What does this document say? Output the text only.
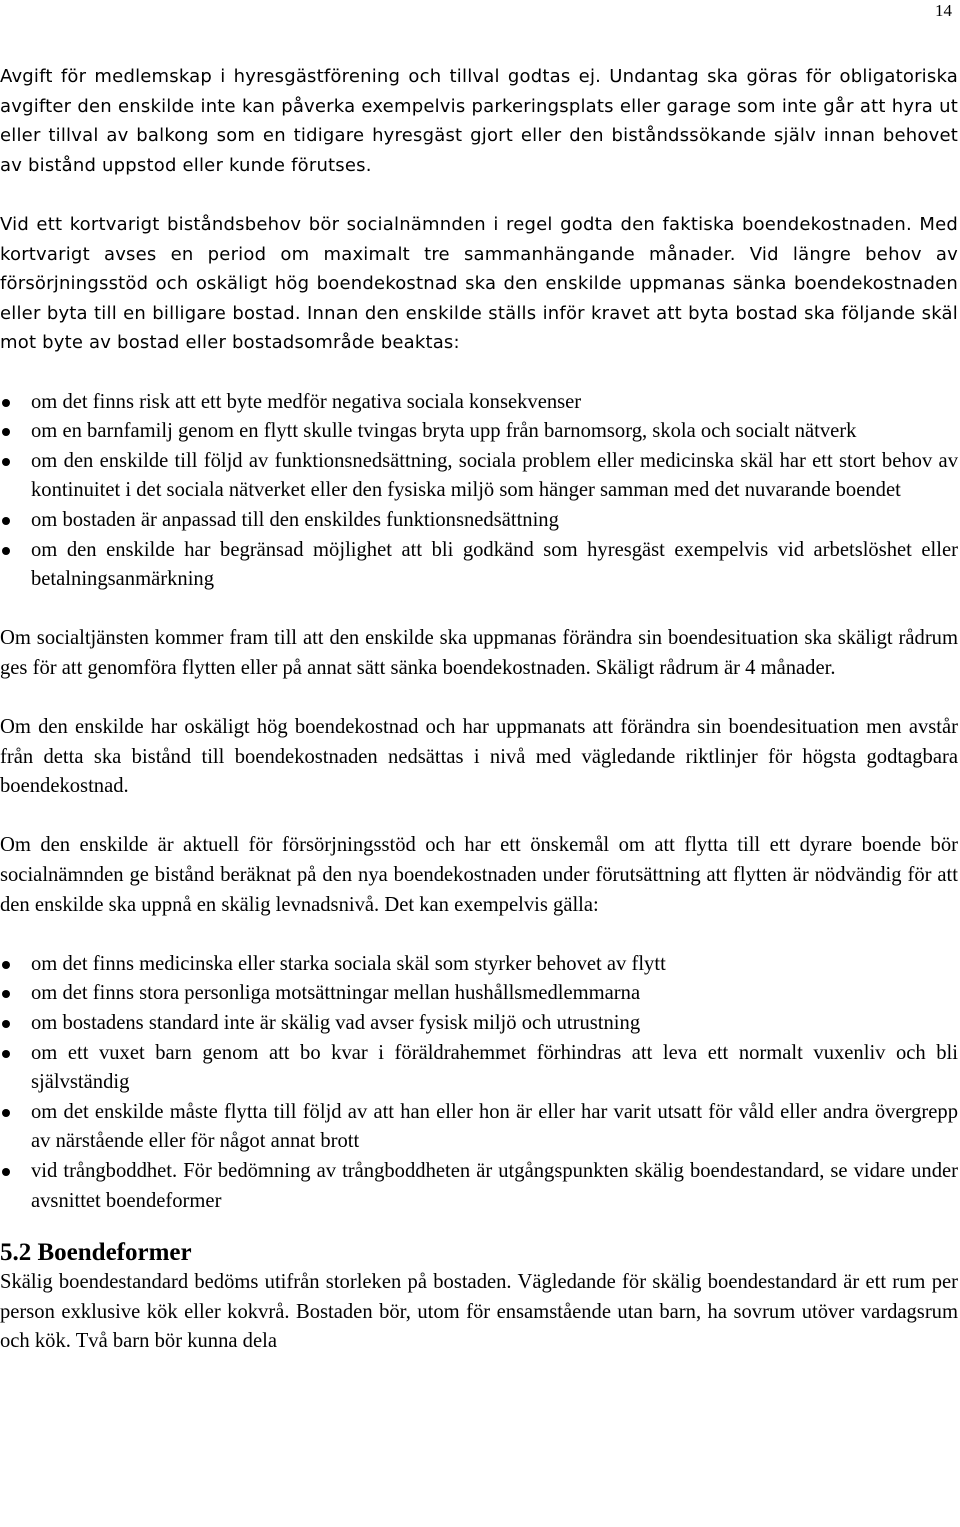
14

Avgift för medlemskap i hyresgästförening och tillval godtas ej. Undantag ska göras för obligatoriska avgifter den enskilde inte kan påverka exempelvis parkeringsplats eller garage som inte går att hyra ut eller tillval av balkong som en tidigare hyresgäst gjort eller den biståndssökande själv innan behovet av bistånd uppstod eller kunde förutses.

Vid ett kortvarigt biståndsbehov bör socialnämnden i regel godta den faktiska boendekostnaden. Med kortvarigt avses en period om maximalt tre sammanhängande månader. Vid längre behov av försörjningsstöd och oskäligt hög boendekostnad ska den enskilde uppmanas sänka boendekostnaden eller byta till en billigare bostad. Innan den enskilde ställs inför kravet att byta bostad ska följande skäl mot byte av bostad eller bostadsområde beaktas:

om det finns risk att ett byte medför negativa sociala konsekvenser
om en barnfamilj genom en flytt skulle tvingas bryta upp från barnomsorg, skola och socialt nätverk
om den enskilde till följd av funktionsnedsättning, sociala problem eller medicinska skäl har ett stort behov av kontinuitet i det sociala nätverket eller den fysiska miljö som hänger samman med det nuvarande boendet
om bostaden är anpassad till den enskildes funktionsnedsättning
om den enskilde har begränsad möjlighet att bli godkänd som hyresgäst exempelvis vid arbetslöshet eller betalningsanmärkning

Om socialtjänsten kommer fram till att den enskilde ska uppmanas förändra sin boendesituation ska skäligt rådrum ges för att genomföra flytten eller på annat sätt sänka boendekostnaden. Skäligt rådrum är 4 månader.

Om den enskilde har oskäligt hög boendekostnad och har uppmanats att förändra sin boendesituation men avstår från detta ska bistånd till boendekostnaden nedsättas i nivå med vägledande riktlinjer för högsta godtagbara boendekostnad.

Om den enskilde är aktuell för försörjningsstöd och har ett önskemål om att flytta till ett dyrare boende bör socialnämnden ge bistånd beräknat på den nya boendekostnaden under förutsättning att flytten är nödvändig för att den enskilde ska uppnå en skälig levnadsnivå. Det kan exempelvis gälla:

om det finns medicinska eller starka sociala skäl som styrker behovet av flytt
om det finns stora personliga motsättningar mellan hushållsmedlemmarna
om bostadens standard inte är skälig vad avser fysisk miljö och utrustning
om ett vuxet barn genom att bo kvar i föräldrahemmet förhindras att leva ett normalt vuxenliv och bli självständig
om det enskilde måste flytta till följd av att han eller hon är eller har varit utsatt för våld eller andra övergrepp av närstående eller för något annat brott
vid trångboddhet. För bedömning av trångboddheten är utgångspunkten skälig boendestandard, se vidare under avsnittet boendeformer
5.2 Boendeformer

Skälig boendestandard bedöms utifrån storleken på bostaden. Vägledande för skälig boendestandard är ett rum per person exklusive kök eller kokvrå. Bostaden bör, utom för ensamstående utan barn, ha sovrum utöver vardagsrum och kök. Två barn bör kunna dela
